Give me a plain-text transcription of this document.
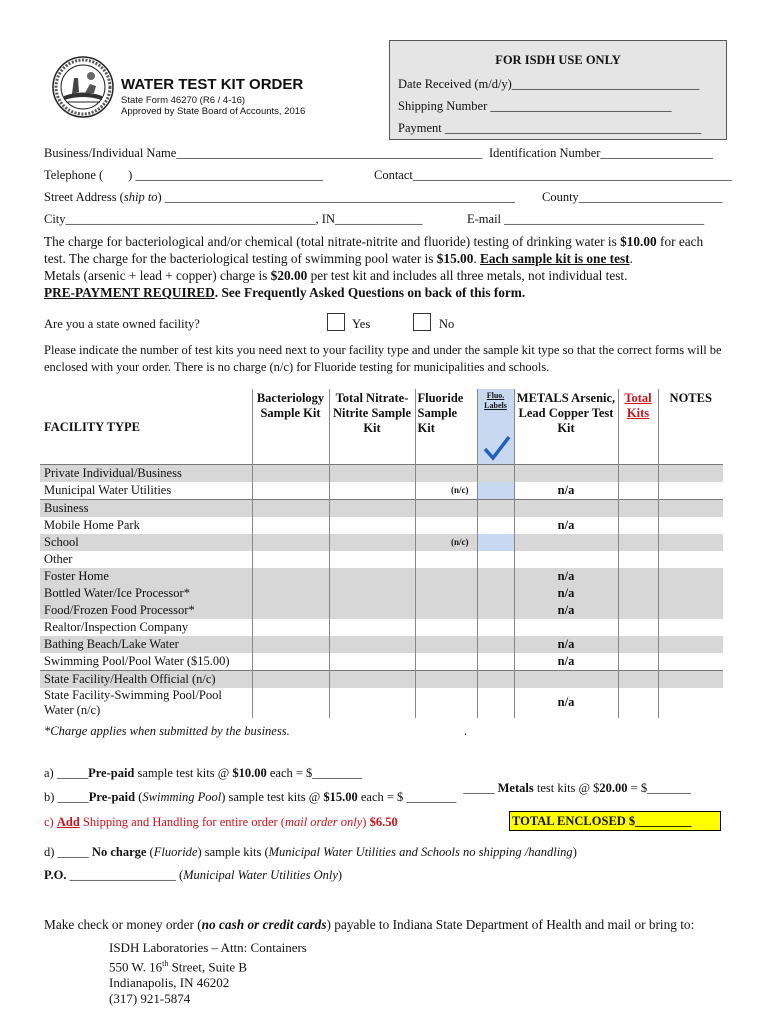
FOR ISDH USE ONLY
Date Received (m/d/y)______________________________
Shipping Number _____________________________
Payment _________________________________________
WATER TEST KIT ORDER
State Form 46270 (R6 / 4-16)
Approved by State Board of Accounts, 2016
Business/Individual Name_________________________________________________ Identification Number__________________
Telephone (        ) ______________________________	Contact___________________________________________________
Street Address (ship to) ________________________________________________________ County_______________________
City________________________________________, IN______________	E-mail ________________________________
The charge for bacteriological and/or chemical (total nitrate-nitrite and fluoride) testing of drinking water is $10.00 for each test. The charge for the bacteriological testing of swimming pool water is $15.00. Each sample kit is one test.
Metals (arsenic + lead + copper) charge is $20.00 per test kit and includes all three metals, not individual test.
PRE-PAYMENT REQUIRED. See Frequently Asked Questions on back of this form.
Are you a state owned facility?	Yes	No
Please indicate the number of test kits you need next to your facility type and under the sample kit type so that the correct forms will be enclosed with your order. There is no charge (n/c) for Fluoride testing for municipalities and schools.
FACILITY TYPE	Bacteriology Sample Kit	Total Nitrate-Nitrite Sample Kit	Fluoride Sample Kit	Fluo. Labels	METALS Arsenic, Lead Copper Test Kit	Total Kits	NOTES
Private Individual/Business							
Municipal Water Utilities			(n/c)		n/a		
Business							
Mobile Home Park					n/a		
School			(n/c)				
Other							
Foster Home					n/a		
Bottled Water/Ice Processor*					n/a		
Food/Frozen Food Processor*					n/a		
Realtor/Inspection Company							
Bathing Beach/Lake Water					n/a		
Swimming Pool/Pool Water ($15.00)					n/a		
State Facility/Health Official (n/c)							
State Facility-Swimming Pool/Pool Water (n/c)					n/a		
*Charge applies when submitted by the business.	.
a) _____Pre-paid sample test kits @ $10.00 each = $________

_____ Metals test kits @ $20.00 = $_______

b) _____Pre-paid (Swimming Pool) sample test kits @ $15.00 each = $ ________
c) Add Shipping and Handling for entire order (mail order only) $6.50	TOTAL ENCLOSED $_________
d) _____ No charge (Fluoride) sample kits (Municipal Water Utilities and Schools no shipping /handling)
P.O. _________________ (Municipal Water Utilities Only)
Make check or money order (no cash or credit cards) payable to Indiana State Department of Health and mail or bring to:
ISDH Laboratories – Attn: Containers
550 W. 16th Street, Suite B
Indianapolis, IN 46202
(317) 921-5874
